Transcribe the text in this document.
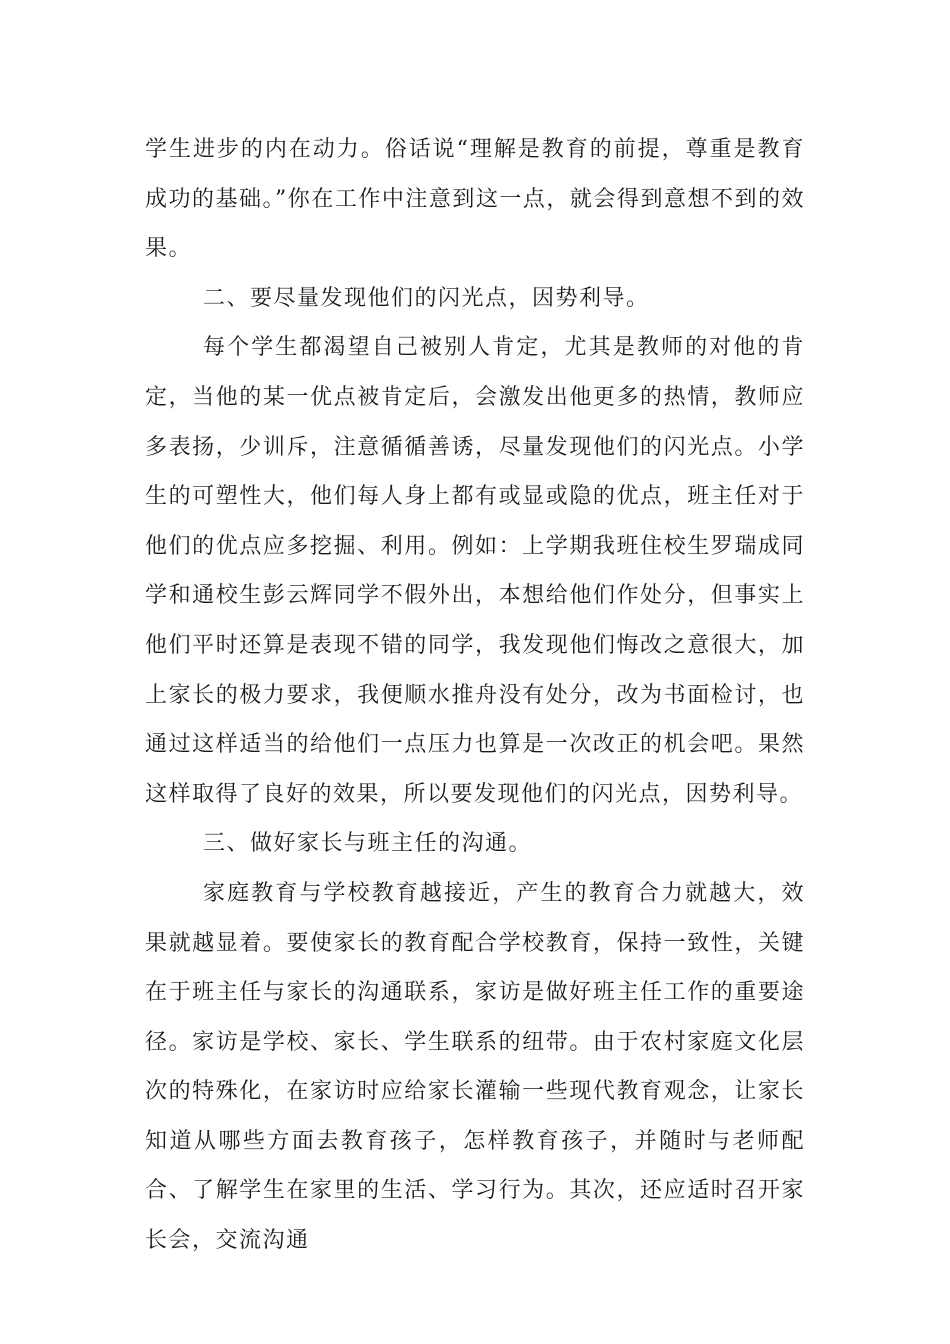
学生进步的内在动力。俗话说“理解是教育的前提，尊重是教育成功的基础。”你在工作中注意到这一点，就会得到意想不到的效果。

二、要尽量发现他们的闪光点，因势利导。

每个学生都渴望自己被别人肯定，尤其是教师的对他的肯定，当他的某一优点被肯定后，会激发出他更多的热情，教师应多表扬，少训斥，注意循循善诱，尽量发现他们的闪光点。小学生的可塑性大，他们每人身上都有或显或隐的优点，班主任对于他们的优点应多挖掘、利用。例如：上学期我班住校生罗瑞成同学和通校生彭云辉同学不假外出，本想给他们作处分，但事实上他们平时还算是表现不错的同学，我发现他们悔改之意很大，加上家长的极力要求，我便顺水推舟没有处分，改为书面检讨，也通过这样适当的给他们一点压力也算是一次改正的机会吧。果然这样取得了良好的效果，所以要发现他们的闪光点，因势利导。

三、做好家长与班主任的沟通。

家庭教育与学校教育越接近，产生的教育合力就越大，效果就越显着。要使家长的教育配合学校教育，保持一致性，关键在于班主任与家长的沟通联系，家访是做好班主任工作的重要途径。家访是学校、家长、学生联系的纽带。由于农村家庭文化层次的特殊化，在家访时应给家长灌输一些现代教育观念，让家长知道从哪些方面去教育孩子，怎样教育孩子，并随时与老师配合、了解学生在家里的生活、学习行为。其次，还应适时召开家长会，交流沟通
